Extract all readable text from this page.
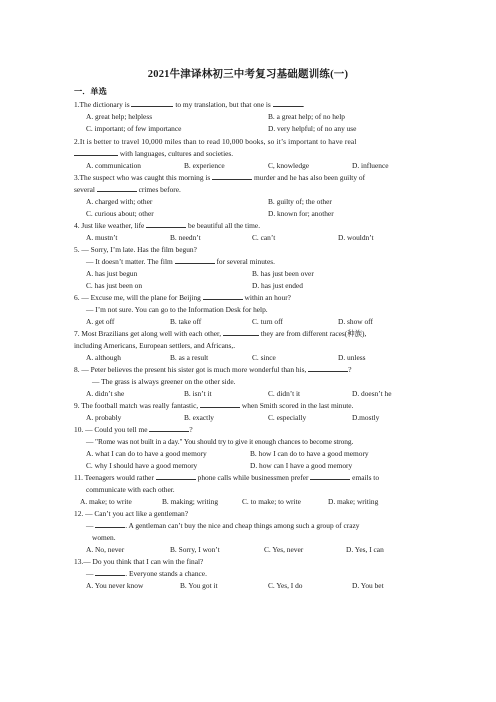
2021牛津译林初三中考复习基础题训练(一)
一．单选
1.The dictionary is	to my translation, but that one is	.
A. great help; helpless	B. a great help; of no help
C. important; of few importance	D. very helpful; of no any use
2.It is better to travel 10,000 miles than to read 10,000 books, so it’s important to have real
with languages, cultures and societies.
A. communication	B. experience	C, knowledge	D. influence
3.The suspect who was caught this morning is	murder and he has also been guilty of
several	crimes before.
A. charged with; other	B. guilty of; the other
C. curious about; other	D. known for; another
4. Just like weather, life	be beautiful all the time.
A. mustn’t	B. needn’t	C. can’t	D. wouldn’t
5. — Sorry, I’m late. Has the film begun?
— It doesn’t matter. The film	for several minutes.
A. has just begun	B. has just been over
C. has just been on	D. has just ended
6. — Excuse me, will the plane for Beijing	within an hour?
— I’m not sure. You can go to the Information Desk for help.
A. get off	B. take off	C. turn off	D. show off
7. Most Brazilians get along well with each other,	they are from different races(种族),
including Americans, European settlers, and Africans,.
A. although	B. as a result	C. since	D. unless
8. — Peter believes the present his sister got is much more wonderful than his,	?
— The grass is always greener on the other side.
A. didn’t she	B. isn’t it	C. didn’t it	D. doesn’t he
9. The football match was really fantastic,	when Smith scored in the last minute.
A. probably	B. exactly	C. especially	D.mostly
10. — Could you tell me	?
— "Rome was not built in a day." You should try to give it enough chances to become strong.
A. what I can do to have a good memory	B. how I can do to have a good memory
C. why I should have a good memory	D. how can I have a good memory
11. Teenagers would rather	phone calls while businessmen prefer	emails to
communicate with each other.
A. make; to write	B. making; writing	C. to make; to write	D. make; writing
12. — Can’t you act like a gentleman?
—	. A gentleman can’t buy the nice and cheap things among such a group of crazy
women.
A. No, never	B. Sorry, I won’t	C. Yes, never	D. Yes, I can
13.— Do you think that I can win the final?
—	. Everyone stands a chance.
A. You never know	B. You got it	C. Yes, I do	D. You bet
